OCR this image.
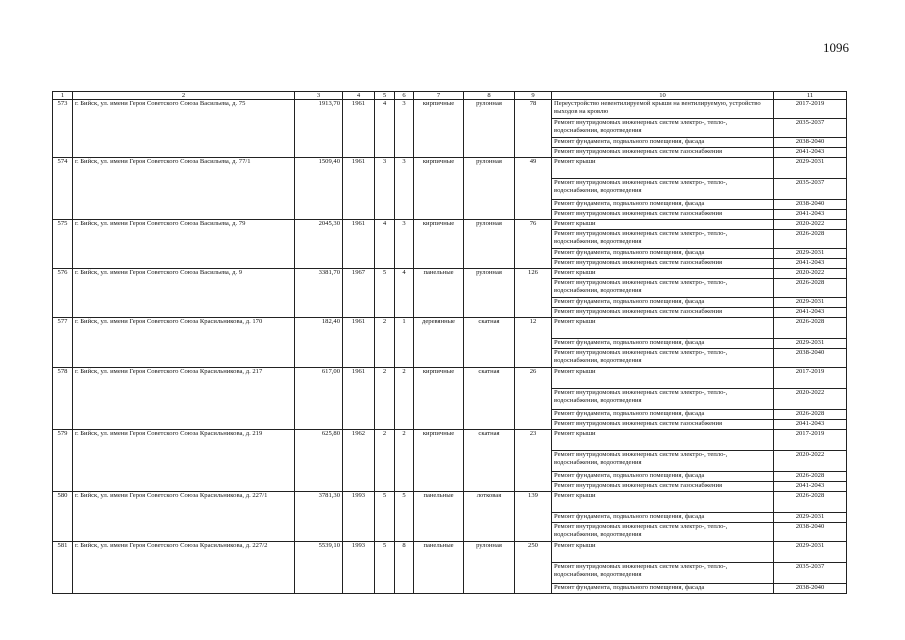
1096
1	2	3	4	5	6	7	8	9	10	11
573	г. Бийск, ул. имени Героя Советского Союза Васильева, д. 75	1913,70	1961	4	3	кирпичные	рулонная	78	Переустройство невентилируемой крыши на вентилируемую, устройство выходов на кровлю	2017-2019
									Ремонт внутридомовых инженерных систем электро-, тепло-, водоснабжения, водоотведения	2035-2037
									Ремонт фундамента, подвального помещения, фасада	2038-2040
									Ремонт внутридомовых инженерных систем газоснабжения	2041-2043
574	г. Бийск, ул. имени Героя Советского Союза Васильева, д. 77/1	1509,40	1961	3	3	кирпичные	рулонная	49	Ремонт крыши	2029-2031
									Ремонт внутридомовых инженерных систем электро-, тепло-, водоснабжения, водоотведения	2035-2037
									Ремонт фундамента, подвального помещения, фасада	2038-2040
									Ремонт внутридомовых инженерных систем газоснабжения	2041-2043
575	г. Бийск, ул. имени Героя Советского Союза Васильева, д. 79	2045,30	1961	4	3	кирпичные	рулонная	76	Ремонт крыши	2020-2022
									Ремонт внутридомовых инженерных систем электро-, тепло-, водоснабжения, водоотведения	2026-2028
									Ремонт фундамента, подвального помещения, фасада	2029-2031
									Ремонт внутридомовых инженерных систем газоснабжения	2041-2043
576	г. Бийск, ул. имени Героя Советского Союза Васильева, д. 9	3381,70	1967	5	4	панельные	рулонная	126	Ремонт крыши	2020-2022
									Ремонт внутридомовых инженерных систем электро-, тепло-, водоснабжения, водоотведения	2026-2028
									Ремонт фундамента, подвального помещения, фасада	2029-2031
									Ремонт внутридомовых инженерных систем газоснабжения	2041-2043
577	г. Бийск, ул. имени Героя Советского Союза Красильникова, д. 170	182,40	1961	2	1	деревянные	скатная	12	Ремонт крыши	2026-2028
									Ремонт фундамента, подвального помещения, фасада	2029-2031
									Ремонт внутридомовых инженерных систем электро-, тепло-, водоснабжения, водоотведения	2038-2040
578	г. Бийск, ул. имени Героя Советского Союза Красильникова, д. 217	617,00	1961	2	2	кирпичные	скатная	26	Ремонт крыши	2017-2019
									Ремонт внутридомовых инженерных систем электро-, тепло-, водоснабжения, водоотведения	2020-2022
									Ремонт фундамента, подвального помещения, фасада	2026-2028
									Ремонт внутридомовых инженерных систем газоснабжения	2041-2043
579	г. Бийск, ул. имени Героя Советского Союза Красильникова, д. 219	625,80	1962	2	2	кирпичные	скатная	23	Ремонт крыши	2017-2019
									Ремонт внутридомовых инженерных систем электро-, тепло-, водоснабжения, водоотведения	2020-2022
									Ремонт фундамента, подвального помещения, фасада	2026-2028
									Ремонт внутридомовых инженерных систем газоснабжения	2041-2043
580	г. Бийск, ул. имени Героя Советского Союза Красильникова, д. 227/1	3781,30	1993	5	5	панельные	лотковая	139	Ремонт крыши	2026-2028
									Ремонт фундамента, подвального помещения, фасада	2029-2031
									Ремонт внутридомовых инженерных систем электро-, тепло-, водоснабжения, водоотведения	2038-2040
581	г. Бийск, ул. имени Героя Советского Союза Красильникова, д. 227/2	5539,10	1993	5	8	панельные	рулонная	250	Ремонт крыши	2029-2031
									Ремонт внутридомовых инженерных систем электро-, тепло-, водоснабжения, водоотведения	2035-2037
									Ремонт фундамента, подвального помещения, фасада	2038-2040
